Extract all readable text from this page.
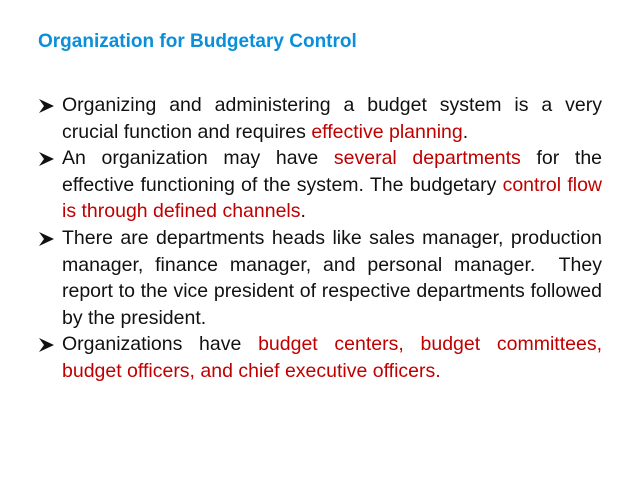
Organization for Budgetary Control
Organizing and administering a budget system is a very crucial function and requires effective planning.
An organization may have several departments for the effective functioning of the system. The budgetary control flow is through defined channels.
There are departments heads like sales manager, production manager, finance manager, and personal manager.  They report to the vice president of respective departments followed by the president.
Organizations have budget centers, budget committees, budget officers, and chief executive officers.
